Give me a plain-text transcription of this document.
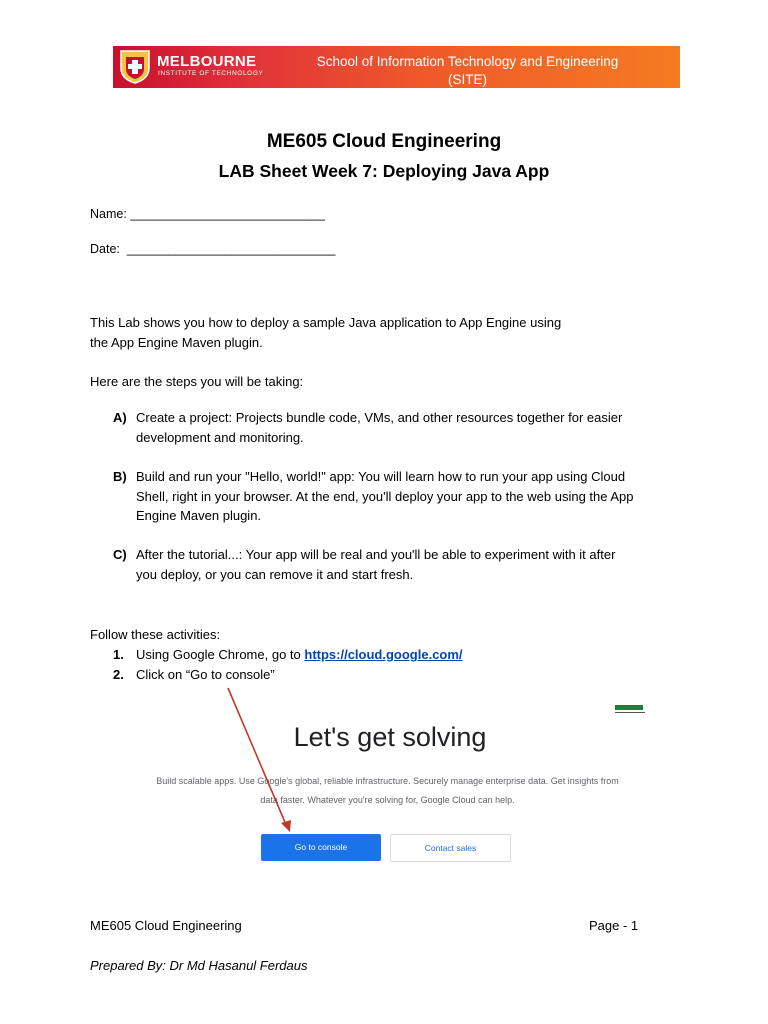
MELBOURNE
INSTITUTE OF TECHNOLOGY
School of Information Technology and Engineering
(SITE)
ME605 Cloud Engineering
LAB Sheet Week 7: Deploying Java App
Name: ____________________________
Date: ______________________________
This Lab shows you how to deploy a sample Java application to App Engine using
the App Engine Maven plugin.
Here are the steps you will be taking:
A) Create a project: Projects bundle code, VMs, and other resources together for easier
development and monitoring.
B) Build and run your "Hello, world!" app: You will learn how to run your app using Cloud
Shell, right in your browser. At the end, you'll deploy your app to the web using the App
Engine Maven plugin.
C) After the tutorial...: Your app will be real and you'll be able to experiment with it after
you deploy, or you can remove it and start fresh.
Follow these activities:
1. Using Google Chrome, go to https://cloud.google.com/
2. Click on “Go to console”
Let's get solving
Build scalable apps. Use Google's global, reliable infrastructure. Securely manage enterprise data. Get insights from
data faster. Whatever you're solving for, Google Cloud can help.
Go to console	Contact sales
ME605 Cloud Engineering	Page - 1
Prepared By: Dr Md Hasanul Ferdaus
